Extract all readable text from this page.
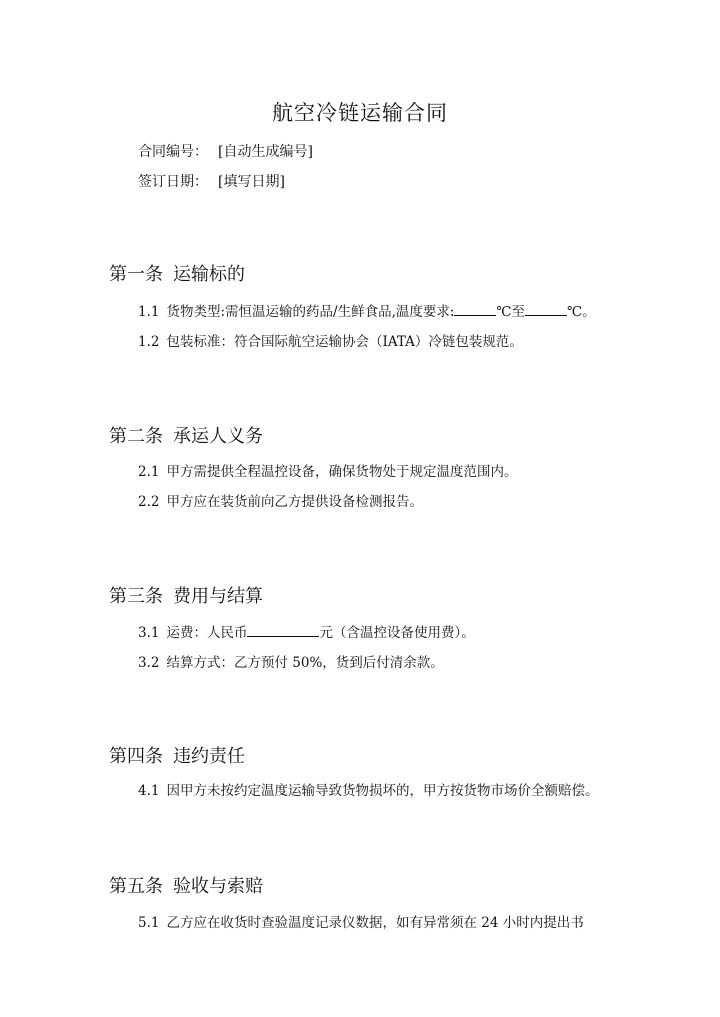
航空冷链运输合同
合同编号： [自动生成编号]
签订日期： [填写日期]
第一条 运输标的
1.1 货物类型:需恒温运输的药品/生鲜食品,温度要求:	℃至	℃。
1.2 包装标准：符合国际航空运输协会（IATA）冷链包装规范。
第二条 承运人义务
2.1 甲方需提供全程温控设备，确保货物处于规定温度范围内。
2.2 甲方应在装货前向乙方提供设备检测报告。
第三条 费用与结算
3.1 运费：人民币	元（含温控设备使用费）。
3.2 结算方式：乙方预付 50%，货到后付清余款。
第四条 违约责任
4.1 因甲方未按约定温度运输导致货物损坏的，甲方按货物市场价全额赔偿。
第五条 验收与索赔
5.1 乙方应在收货时查验温度记录仪数据，如有异常须在 24 小时内提出书
